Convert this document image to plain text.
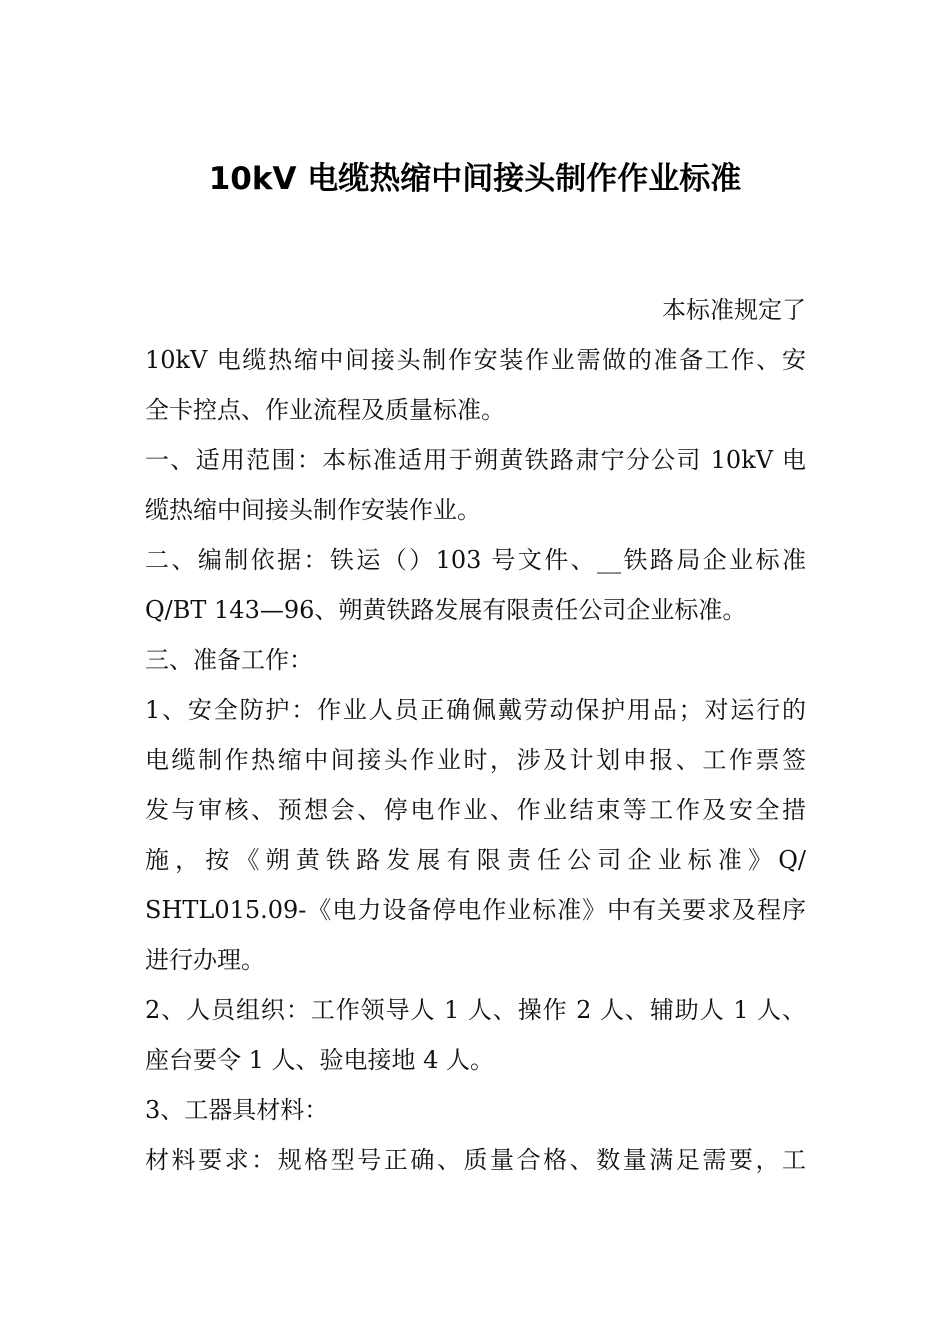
10kV 电缆热缩中间接头制作作业标准
本标准规定了
10kV 电缆热缩中间接头制作安装作业需做的准备工作、安
全卡控点、作业流程及质量标准。
一、适用范围：本标准适用于朔黄铁路肃宁分公司 10kV 电
缆热缩中间接头制作安装作业。
二、编制依据：铁运（）103 号文件、__铁路局企业标准
Q/BT 143—96、朔黄铁路发展有限责任公司企业标准。
三、准备工作：
1、安全防护：作业人员正确佩戴劳动保护用品；对运行的
电缆制作热缩中间接头作业时，涉及计划申报、工作票签
发与审核、预想会、停电作业、作业结束等工作及安全措
施，按《朔黄铁路发展有限责任公司企业标准》Q/
SHTL015.09-《电力设备停电作业标准》中有关要求及程序
进行办理。
2、人员组织：工作领导人 1 人、操作 2 人、辅助人 1 人、
座台要令 1 人、验电接地 4 人。
3、工器具材料：
材料要求：规格型号正确、质量合格、数量满足需要，工
